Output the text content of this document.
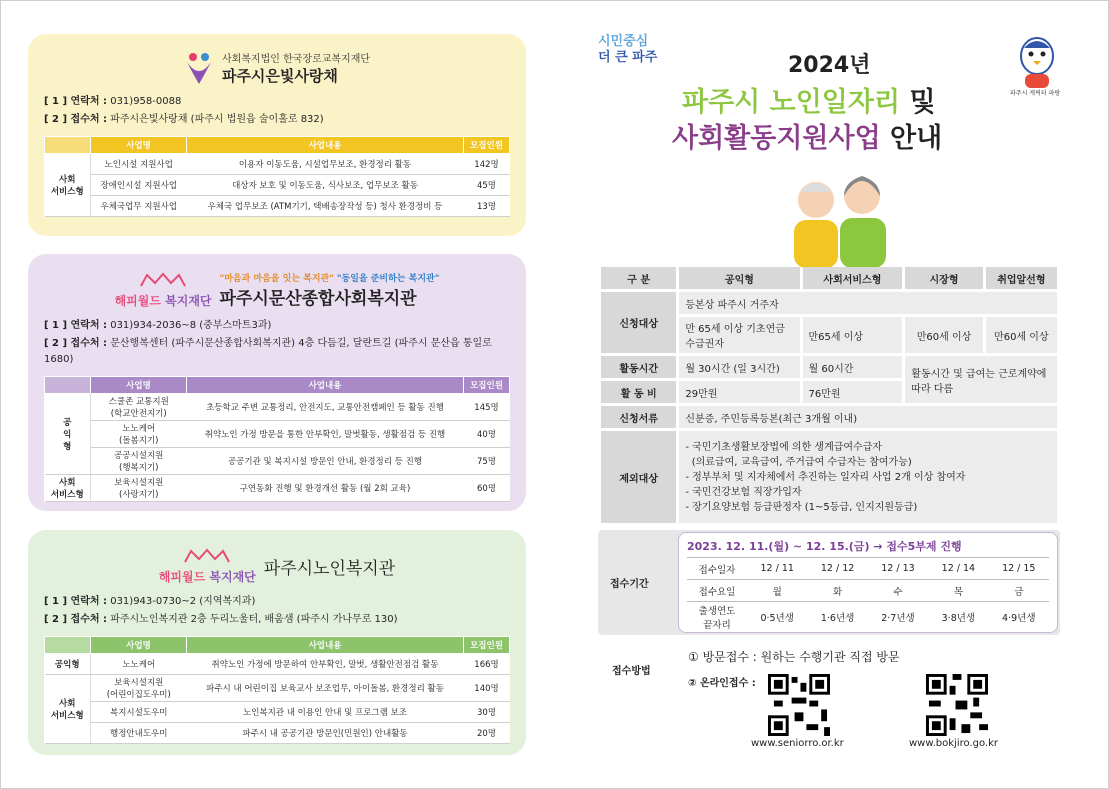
사회복지법인 한국장로교복지재단
파주시은빛사랑채
[ 1 ] 연락처 : 031)958-0088
[ 2 ] 접수처 : 파주시은빛사랑채 (파주시 법원읍 술이홀로 832)
	사업명	사업내용	모집인원
사회
서비스형	노인시설 지원사업	이용자 이동도움, 시설업무보조, 환경정리 활동	142명
	장애인시설 지원사업	대상자 보호 및 이동도움, 식사보조, 업무보조 활동	45명
	우체국업무 지원사업	우체국 업무보조 (ATM기기, 택배송장작성 등) 청사 환경정비 등	13명
해피월드 복지재단
"마음과 마음을 잇는 복지관" "동일을 준비하는 복지관"
파주시문산종합사회복지관
[ 1 ] 연락처 : 031)934-2036~8 (중부스마트3과)
[ 2 ] 접수처 : 문산행복센터 (파주시문산종합사회복지관) 4층 다듬길, 달란트길 (파주시 문산읍 통일로 1680)
	사업명	사업내용	모집인원
공
익
형	스쿨존 교통지원
(학교안전지기)	초등학교 주변 교통정리, 안전지도, 교통안전캠페인 등 활동 진행	145명
	노노케어
(돌봄지기)	취약노인 가정 방문을 통한 안부확인, 말벗활동, 생활점검 등 진행	40명
	공공시설지원
(행복지기)	공공기관 및 복지시설 방문인 안내, 환경정리 등 진행	75명
사회
서비스형	보육시설지원
(사랑지기)	구연동화 진행 및 환경개선 활동 (월 2회 교육)	60명
해피월드 복지재단 파주시노인복지관
[ 1 ] 연락처 : 031)943-0730~2 (지역복지과)
[ 2 ] 접수처 : 파주시노인복지관 2층 두리노울터, 배움샘 (파주시 가나무로 130)
	사업명	사업내용	모집인원
공익형	노노케어	취약노인 가정에 방문하여 안부확인, 말벗, 생활안전점검 활동	166명
사회
서비스형	보육시설지원
(어린이집도우미)	파주시 내 어린이집 보육교사 보조업무, 아이돌봄, 환경정리 활동	140명
	복지시설도우미	노인복지관 내 이용인 안내 및 프로그램 보조	30명
	행정안내도우미	파주시 내 공공기관 방문인(민원인) 안내활동	20명
시민중심
더 큰 파주	2024년
파주시 노인일자리 및
사회활동지원사업 안내
파주시 캐릭터 파랑
구 분	공익형	사회서비스형	시장형	취업알선형
신청대상	등본상 파주시 거주자			
	만 65세 이상 기초연금 수급권자	만65세 이상	만60세 이상	만60세 이상
활동시간	월 30시간 (일 3시간)	월 60시간	활동시간 및 급여는 근로계약에 따라 다름	
활 동 비	29만원	76만원		
신청서류	신분증, 주민등록등본(최근 3개월 이내)			
제외대상	- 국민기초생활보장법에 의한 생계급여수급자
(의료급여, 교육급여, 주거급여 수급자는 참여가능)
- 정부부처 및 지자체에서 추진하는 일자리 사업 2개 이상 참여자
- 국민건강보험 직장가입자
- 장기요양보험 등급판정자 (1~5등급, 인지지원등급)			
접수기간
2023. 12. 11.(월) ~ 12. 15.(금) → 접수5부제 진행
접수일자	12 / 11	12 / 12	12 / 13	12 / 14	12 / 15
접수요일	월	화	수	목	금
출생연도
끝자리	0·5년생	1·6년생	2·7년생	3·8년생	4·9년생
접수방법
① 방문접수 : 원하는 수행기관 직접 방문
② 온라인접수 :
www.seniorro.or.kr	www.bokjiro.go.kr
